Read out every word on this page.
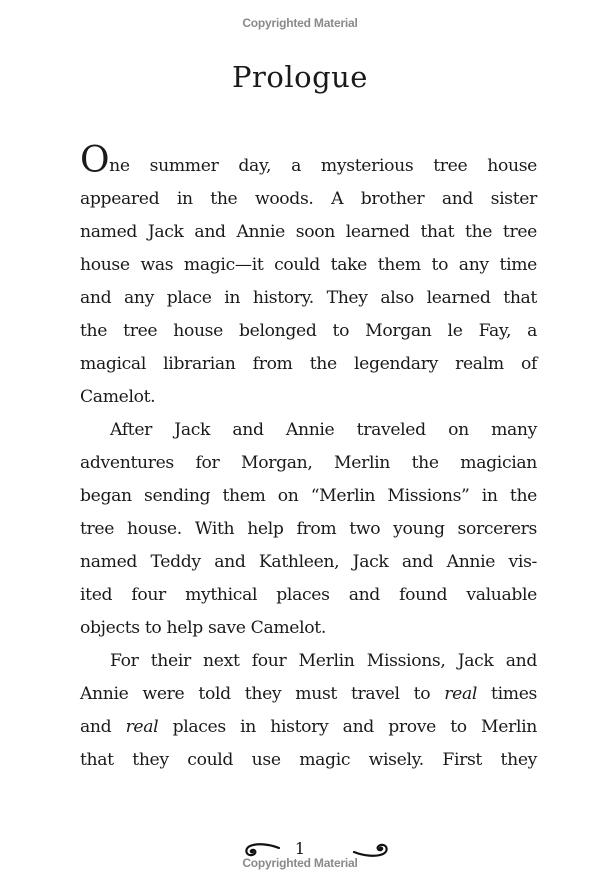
Copyrighted Material
Prologue

One summer day, a mysterious tree house
appeared in the woods. A brother and sister
named Jack and Annie soon learned that the tree
house was magic—it could take them to any time
and any place in history. They also learned that
the tree house belonged to Morgan le Fay, a
magical librarian from the legendary realm of
Camelot.

After Jack and Annie traveled on many
adventures for Morgan, Merlin the magician
began sending them on “Merlin Missions” in the
tree house. With help from two young sorcerers
named Teddy and Kathleen, Jack and Annie vis-
ited four mythical places and found valuable
objects to help save Camelot.

For their next four Merlin Missions, Jack and
Annie were told they must travel to real times
and real places in history and prove to Merlin
that they could use magic wisely. First they

1
Copyrighted Material
